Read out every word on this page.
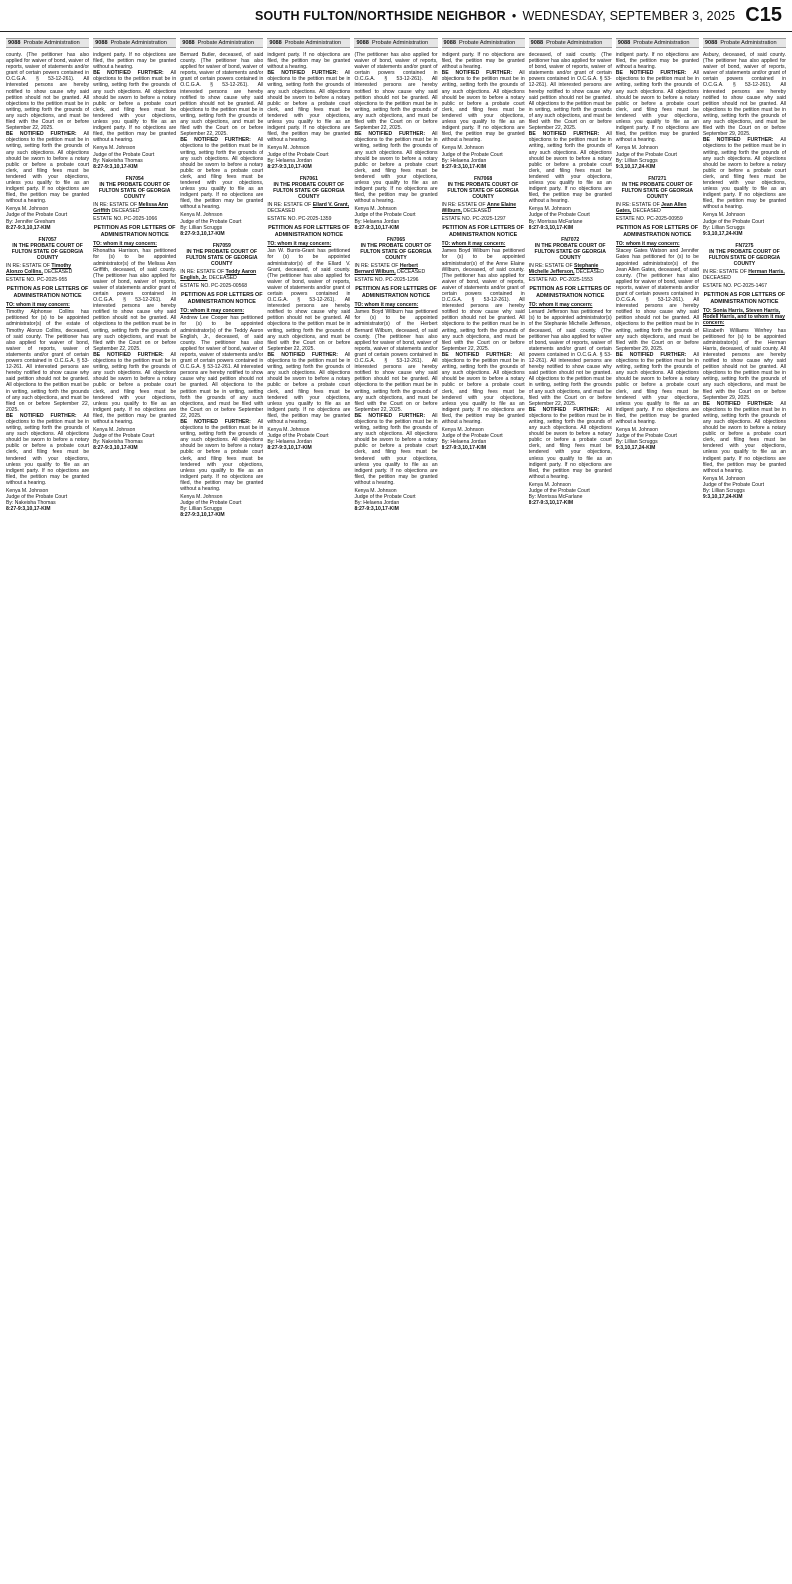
SOUTH FULTON/NORTHSIDE NEIGHBOR • WEDNESDAY, SEPTEMBER 3, 2025 C15
9088 Probate Administration
county. (The petitioner has also applied for waiver of bond, waiver of reports, waiver of statements and/or grant of certain powers contained in O.C.G.A. § 53-12-261). All interested persons are hereby notified to show cause why said petition should not be granted. All objections to the petition must be in writing, setting forth the grounds of any such objections, and must be filed with the Court on or before September 22, 2025.
BE NOTIFIED FURTHER: All objections to the petition must be in writing, setting forth the grounds of any such objections. All objections should be sworn to before a notary public or before a probate court clerk, and filing fees must be tendered with your objections, unless you qualify to file as an indigent party. If no objections are filed, the petition may be granted without a hearing.
Kenya M. Johnson
Judge of the Probate Court
By: Jennifer Gresham
8:27-9:3,10,17-KIM
FN7057
IN THE PROBATE COURT OF FULTON STATE OF GEORGIA COUNTY
IN RE: ESTATE OF Timothy Alonzo Collins, DECEASED
ESTATE NO. PC-2025-955
PETITION AS FOR LETTERS OF ADMINISTRATION NOTICE
TO: whom it may concern:
Timothy Alphonse Collins has petitioned for (s) to be appointed administrator(s) of the estate of Timothy Alonzo Collins, deceased, of said county. The petitioner has also applied for waiver of bond, waiver of reports, waiver of statements and/or grant of certain powers contained in O.C.G.A. § 53-12-261. All interested persons are hereby notified to show cause why said petition should not be granted. All objections to the petition must be in writing, setting forth the grounds of any such objections, and must be filed on or before September 22, 2025.
BE NOTIFIED FURTHER: All objections to the petition must be in writing, setting forth the grounds of any such objections. All objections should be sworn to before a notary public or before a probate court clerk, and filing fees must be tendered with your objections, unless you qualify to file as an indigent party. If no objections are filed, the petition may be granted without a hearing.
Kenya M. Johnson
Judge of the Probate Court
By: Nakeisha Thomas
8:27-9:3,10,17-KIM
9088 Probate Administration
indigent party. If no objections are filed, the petition may be granted without a hearing.
BE NOTIFIED FURTHER: All objections to the petition must be in writing, setting forth the grounds of any such objections. All objections should be sworn to before a notary public or before a probate court clerk, and filing fees must be tendered with your objections, unless you qualify to file as an indigent party. If no objections are filed, the petition may be granted without a hearing.
Kenya M. Johnson
Judge of the Probate Court
By: Nakeisha Thomas
8:27-9:3,10,17-KIM
FN7054
IN THE PROBATE COURT OF FULTON STATE OF GEORGIA COUNTY
IN RE: ESTATE OF Melissa Ann Griffith DECEASED
ESTATE NO. PC-2025-1066
PETITION AS FOR LETTERS OF ADMINISTRATION NOTICE
TO: whom it may concern:
Rhonatha Harrison, has petitioned for (s) to be appointed administrator(s) of the Melissa Ann Griffith, deceased, of said county. (The petitioner has also applied for waiver of bond, waiver of reports, waiver of statements and/or grant of certain powers contained in O.C.G.A. § 53-12-261). All interested persons are hereby notified to show cause why said petition should not be granted. All objections to the petition must be in writing, setting forth the grounds of any such objections, and must be filed with the Court on or before September 22, 2025.
BE NOTIFIED FURTHER: All objections to the petition must be in writing, setting forth the grounds of any such objections. All objections should be sworn to before a notary public or before a probate court clerk, and filing fees must be tendered with your objections, unless you qualify to file as an indigent party. If no objections are filed, the petition may be granted without a hearing.
Kenya M. Johnson
Judge of the Probate Court
By: Nakeisha Thomas
8:27-9:3,10,17-KIM
9088 Probate Administration
Bernard Butler, deceased, of said county. (The petitioner has also applied for waiver of bond, waiver of reports, waiver of statements and/or grant of certain powers contained in O.C.G.A. § 53-12-261). All interested persons are hereby notified to show cause why said petition should not be granted. All objections to the petition must be in writing, setting forth the grounds of any such objections, and must be filed with the Court on or before September 22, 2025.
BE NOTIFIED FURTHER: All objections to the petition must be in writing, setting forth the grounds of any such objections. All objections should be sworn to before a notary public or before a probate court clerk, and filing fees must be tendered with your objections, unless you qualify to file as an indigent party. If no objections are filed, the petition may be granted without a hearing.
Kenya M. Johnson
Judge of the Probate Court
By: Lillian Scruggs
8:27-9:3,10,17-KIM
FN7059
IN THE PROBATE COURT OF FULTON STATE OF GEORGIA COUNTY
IN RE: ESTATE OF Teddy Aaron English, Jr. DECEASED
ESTATE NO. PC-2025-00568
PETITION AS FOR LETTERS OF ADMINISTRATION NOTICE
TO: whom it may concern:
Andrew Lee Cooper has petitioned for (s) to be appointed administrator(s) of the Teddy Aaron English, Jr., deceased, of said county. The petitioner has also applied for waiver of bond, waiver of reports, waiver of statements and/or grant of certain powers contained in O.C.G.A. § 53-12-261. All interested persons are hereby notified to show cause why said petition should not be granted. All objections to the petition must be in writing, setting forth the grounds of any such objections, and must be filed with the Court on or before September 22, 2025.
BE NOTIFIED FURTHER: All objections to the petition must be in writing, setting forth the grounds of any such objections. All objections should be sworn to before a notary public or before a probate court clerk, and filing fees must be tendered with your objections, unless you qualify to file as an indigent party. If no objections are filed, the petition may be granted without a hearing.
Kenya M. Johnson
Judge of the Probate Court
By: Lillian Scruggs
8:27-9:3,10,17-KIM
9088 Probate Administration
indigent party. If no objections are filed, the petition may be granted without a hearing.
BE NOTIFIED FURTHER: All objections to the petition must be in writing, setting forth the grounds of any such objections. All objections should be sworn to before a notary public or before a probate court clerk, and filing fees must be tendered with your objections, unless you qualify to file as an indigent party. If no objections are filed, the petition may be granted without a hearing.
Kenya M. Johnson
Judge of the Probate Court
By: Helaena Jordan
8:27-9:3,10,17-KIM
FN7061
IN THE PROBATE COURT OF FULTON STATE OF GEORGIA COUNTY
IN RE: ESTATE OF Ellard V. Grant, DECEASED
ESTATE NO. PC-2025-1359
PETITION AS FOR LETTERS OF ADMINISTRATION NOTICE
TO: whom it may concern:
Jan W. Burris-Grant has petitioned for (s) to be appointed administrator(s) of the Ellard V. Grant, deceased, of said county. (The petitioner has also applied for waiver of bond, waiver of reports, waiver of statements and/or grant of certain powers contained in O.C.G.A. § 53-12-261). All interested persons are hereby notified to show cause why said petition should not be granted. All objections to the petition must be in writing, setting forth the grounds of any such objections, and must be filed with the Court on or before September 22, 2025.
BE NOTIFIED FURTHER: All objections to the petition must be in writing, setting forth the grounds of any such objections. All objections should be sworn to before a notary public or before a probate court clerk, and filing fees must be tendered with your objections, unless you qualify to file as an indigent party. If no objections are filed, the petition may be granted without a hearing.
Kenya M. Johnson
Judge of the Probate Court
By: Helaena Jordan
8:27-9:3,10,17-KIM
9088 Probate Administration
(The petitioner has also applied for waiver of bond, waiver of reports, waiver of statements and/or grant of certain powers contained in O.C.G.A. § 53-12-261). All interested persons are hereby notified to show cause why said petition should not be granted. All objections to the petition must be in writing, setting forth the grounds of any such objections, and must be filed with the Court on or before September 22, 2025.
BE NOTIFIED FURTHER: All objections to the petition must be in writing, setting forth the grounds of any such objections. All objections should be sworn to before a notary public or before a probate court clerk, and filing fees must be tendered with your objections, unless you qualify to file as an indigent party. If no objections are filed, the petition may be granted without a hearing.
Kenya M. Johnson
Judge of the Probate Court
By: Helaena Jordan
8:27-9:3,10,17-KIM
FN7065
IN THE PROBATE COURT OF FULTON STATE OF GEORGIA COUNTY
IN RE: ESTATE OF Herbert Bernard Wilburn, DECEASED
ESTATE NO. PC-2025-1296
PETITION AS FOR LETTERS OF ADMINISTRATION NOTICE
TO: whom it may concern:
James Boyd Wilburn has petitioned for (s) to be appointed administrator(s) of the Herbert Bernard Wilburn, deceased, of said county. (The petitioner has also applied for waiver of bond, waiver of reports, waiver of statements and/or grant of certain powers contained in O.C.G.A. § 53-12-261). All interested persons are hereby notified to show cause why said petition should not be granted. All objections to the petition must be in writing, setting forth the grounds of any such objections, and must be filed with the Court on or before September 22, 2025.
BE NOTIFIED FURTHER: All objections to the petition must be in writing, setting forth the grounds of any such objections. All objections should be sworn to before a notary public or before a probate court clerk, and filing fees must be tendered with your objections, unless you qualify to file as an indigent party. If no objections are filed, the petition may be granted without a hearing.
Kenya M. Johnson
Judge of the Probate Court
By: Helaena Jordan
8:27-9:3,10,17-KIM
9088 Probate Administration
indigent party. If no objections are filed, the petition may be granted without a hearing.
BE NOTIFIED FURTHER: All objections to the petition must be in writing, setting forth the grounds of any such objections. All objections should be sworn to before a notary public or before a probate court clerk, and filing fees must be tendered with your objections, unless you qualify to file as an indigent party. If no objections are filed, the petition may be granted without a hearing.
Kenya M. Johnson
Judge of the Probate Court
By: Helaena Jordan
8:27-9:3,10,17-KIM
FN7068
IN THE PROBATE COURT OF FULTON STATE OF GEORGIA COUNTY
IN RE: ESTATE OF Anne Elaine Wilburn, DECEASED
ESTATE NO. PC-2025-1297
PETITION AS FOR LETTERS OF ADMINISTRATION NOTICE
TO: whom it may concern:
James Boyd Wilburn has petitioned for (s) to be appointed administrator(s) of the Anne Elaine Wilburn, deceased, of said county. (The petitioner has also applied for waiver of bond, waiver of reports, waiver of statements and/or grant of certain powers contained in O.C.G.A. § 53-12-261). All interested persons are hereby notified to show cause why said petition should not be granted. All objections to the petition must be in writing, setting forth the grounds of any such objections, and must be filed with the Court on or before September 22, 2025.
BE NOTIFIED FURTHER: All objections to the petition must be in writing, setting forth the grounds of any such objections. All objections should be sworn to before a notary public or before a probate court clerk, and filing fees must be tendered with your objections, unless you qualify to file as an indigent party. If no objections are filed, the petition may be granted without a hearing.
Kenya M. Johnson
Judge of the Probate Court
By: Helaena Jordan
8:27-9:3,10,17-KIM
9088 Probate Administration
deceased, of said county. (The petitioner has also applied for waiver of bond, waiver of reports, waiver of statements and/or grant of certain powers contained in O.C.G.A. § 53-12-261). All interested persons are hereby notified to show cause why said petition should not be granted. All objections to the petition must be in writing, setting forth the grounds of any such objections, and must be filed with the Court on or before September 22, 2025.
BE NOTIFIED FURTHER: All objections to the petition must be in writing, setting forth the grounds of any such objections. All objections should be sworn to before a notary public or before a probate court clerk, and filing fees must be tendered with your objections, unless you qualify to file as an indigent party. If no objections are filed, the petition may be granted without a hearing.
Kenya M. Johnson
Judge of the Probate Court
By: Morrissa McFarlane
8:27-9:3,10,17-KIM
FN7072
IN THE PROBATE COURT OF FULTON STATE OF GEORGIA COUNTY
IN RE: ESTATE OF Stephanie Michelle Jefferson, DECEASED
ESTATE NO. PC-2025-1553
PETITION AS FOR LETTERS OF ADMINISTRATION NOTICE
TO: whom it may concern:
Lenard Jefferson has petitioned for (s) to be appointed administrator(s) of the Stephanie Michelle Jefferson, deceased, of said county. (The petitioner has also applied for waiver of bond, waiver of reports, waiver of statements and/or grant of certain powers contained in O.C.G.A. § 53-12-261). All interested persons are hereby notified to show cause why said petition should not be granted. All objections to the petition must be in writing, setting forth the grounds of any such objections, and must be filed with the Court on or before September 22, 2025.
BE NOTIFIED FURTHER: All objections to the petition must be in writing, setting forth the grounds of any such objections. All objections should be sworn to before a notary public or before a probate court clerk, and filing fees must be tendered with your objections, unless you qualify to file as an indigent party. If no objections are filed, the petition may be granted without a hearing.
Kenya M. Johnson
Judge of the Probate Court
By: Morrissa McFarlane
8:27-9:3,10,17-KIM
9088 Probate Administration
indigent party. If no objections are filed, the petition may be granted without a hearing.
BE NOTIFIED FURTHER: All objections to the petition must be in writing, setting forth the grounds of any such objections. All objections should be sworn to before a notary public or before a probate court clerk, and filing fees must be tendered with your objections, unless you qualify to file as an indigent party. If no objections are filed, the petition may be granted without a hearing.
Kenya M. Johnson
Judge of the Probate Court
By: Lillian Scruggs
9:3,10,17,24-KIM
FN7271
IN THE PROBATE COURT OF FULTON STATE OF GEORGIA COUNTY
IN RE: ESTATE OF Jean Allen Gates, DECEASED
ESTATE NO. PC-2025-00959
PETITION AS FOR LETTERS OF ADMINISTRATION NOTICE
TO: whom it may concern:
Stacey Gates Watson and Jennifer Gates has petitioned for (s) to be appointed administrator(s) of the Jean Allen Gates, deceased, of said county. (The petitioner has also applied for waiver of bond, waiver of reports, waiver of statements and/or grant of certain powers contained in O.C.G.A. § 53-12-261). All interested persons are hereby notified to show cause why said petition should not be granted. All objections to the petition must be in writing, setting forth the grounds of any such objections, and must be filed with the Court on or before September 29, 2025.
BE NOTIFIED FURTHER: All objections to the petition must be in writing, setting forth the grounds of any such objections. All objections should be sworn to before a notary public or before a probate court clerk, and filing fees must be tendered with your objections, unless you qualify to file as an indigent party. If no objections are filed, the petition may be granted without a hearing.
Kenya M. Johnson
Judge of the Probate Court
By: Lillian Scruggs
9:3,10,17,24-KIM
9088 Probate Administration
Asbury, deceased, of said county. (The petitioner has also applied for waiver of bond, waiver of reports, waiver of statements and/or grant of certain powers contained in O.C.G.A. § 53-12-261). All interested persons are hereby notified to show cause why said petition should not be granted. All objections to the petition must be in writing, setting forth the grounds of any such objections, and must be filed with the Court on or before September 29, 2025.
BE NOTIFIED FURTHER: All objections to the petition must be in writing, setting forth the grounds of any such objections. All objections should be sworn to before a notary public or before a probate court clerk, and filing fees must be tendered with your objections, unless you qualify to file as an indigent party. If no objections are filed, the petition may be granted without a hearing.
Kenya M. Johnson
Judge of the Probate Court
By: Lillian Scruggs
9:3,10,17,24-KIM
FN7275
IN THE PROBATE COURT OF FULTON STATE OF GEORGIA COUNTY
IN RE: ESTATE OF Herman Harris, DECEASED
ESTATE NO. PC-2025-1467
PETITION AS FOR LETTERS OF ADMINISTRATION NOTICE
TO: Sonia Harris, Steven Harris, Rodell Harris, and to whom it may concern:
Elizabeth Williams Winfrey has petitioned for (s) to be appointed administrator(s) of the Herman Harris, deceased, of said county. All interested persons are hereby notified to show cause why said petition should not be granted. All objections to the petition must be in writing, setting forth the grounds of any such objections, and must be filed with the Court on or before September 29, 2025.
BE NOTIFIED FURTHER: All objections to the petition must be in writing, setting forth the grounds of any such objections. All objections should be sworn to before a notary public or before a probate court clerk, and filing fees must be tendered with your objections, unless you qualify to file as an indigent party. If no objections are filed, the petition may be granted without a hearing.
Kenya M. Johnson
Judge of the Probate Court
By: Lillian Scruggs
9:3,10,17,24-KIM
